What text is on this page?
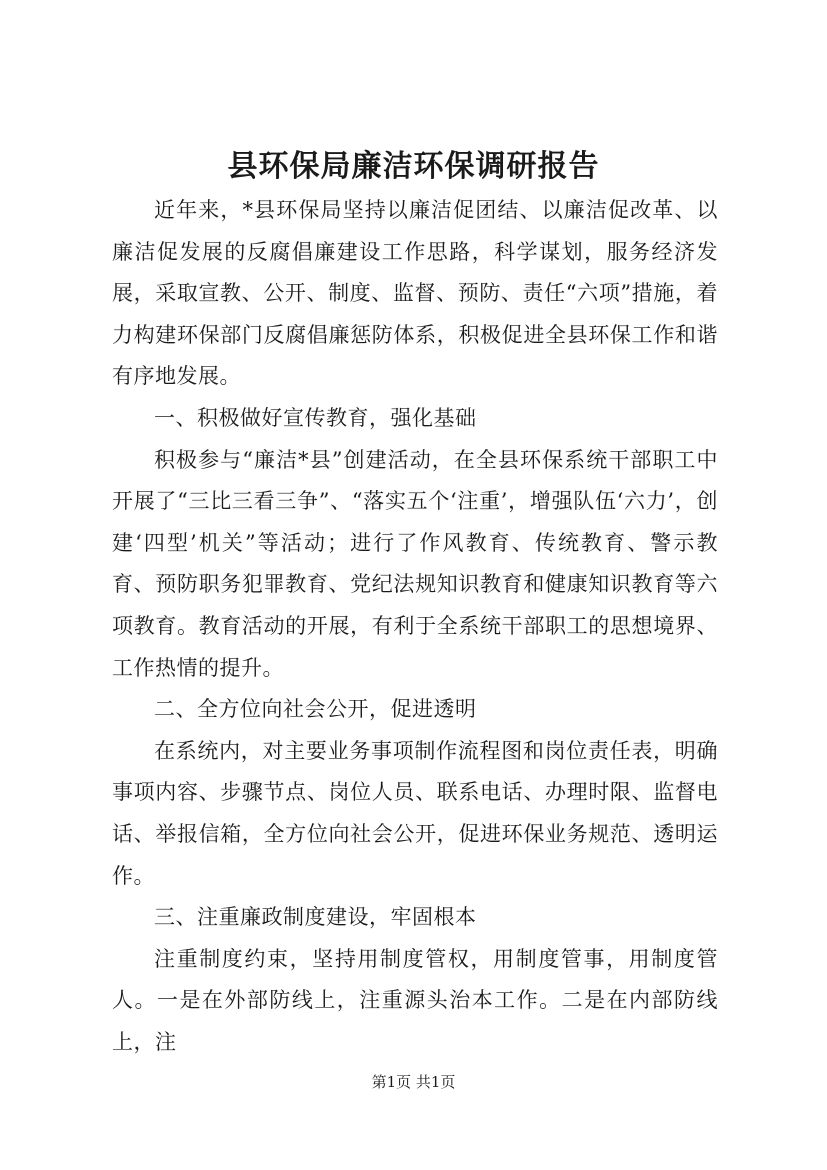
县环保局廉洁环保调研报告

近年来，*县环保局坚持以廉洁促团结、以廉洁促改革、以廉洁促发展的反腐倡廉建设工作思路，科学谋划，服务经济发展，采取宣教、公开、制度、监督、预防、责任“六项”措施，着力构建环保部门反腐倡廉惩防体系，积极促进全县环保工作和谐有序地发展。

一、积极做好宣传教育，强化基础

积极参与“廉洁*县”创建活动，在全县环保系统干部职工中开展了“三比三看三争”、“落实五个‘注重’，增强队伍‘六力’，创建‘四型’机关”等活动；进行了作风教育、传统教育、警示教育、预防职务犯罪教育、党纪法规知识教育和健康知识教育等六项教育。教育活动的开展，有利于全系统干部职工的思想境界、工作热情的提升。

二、全方位向社会公开，促进透明

在系统内，对主要业务事项制作流程图和岗位责任表，明确事项内容、步骤节点、岗位人员、联系电话、办理时限、监督电话、举报信箱，全方位向社会公开，促进环保业务规范、透明运作。

三、注重廉政制度建设，牢固根本

注重制度约束，坚持用制度管权，用制度管事，用制度管人。一是在外部防线上，注重源头治本工作。二是在内部防线上，注

第1页 共1页
